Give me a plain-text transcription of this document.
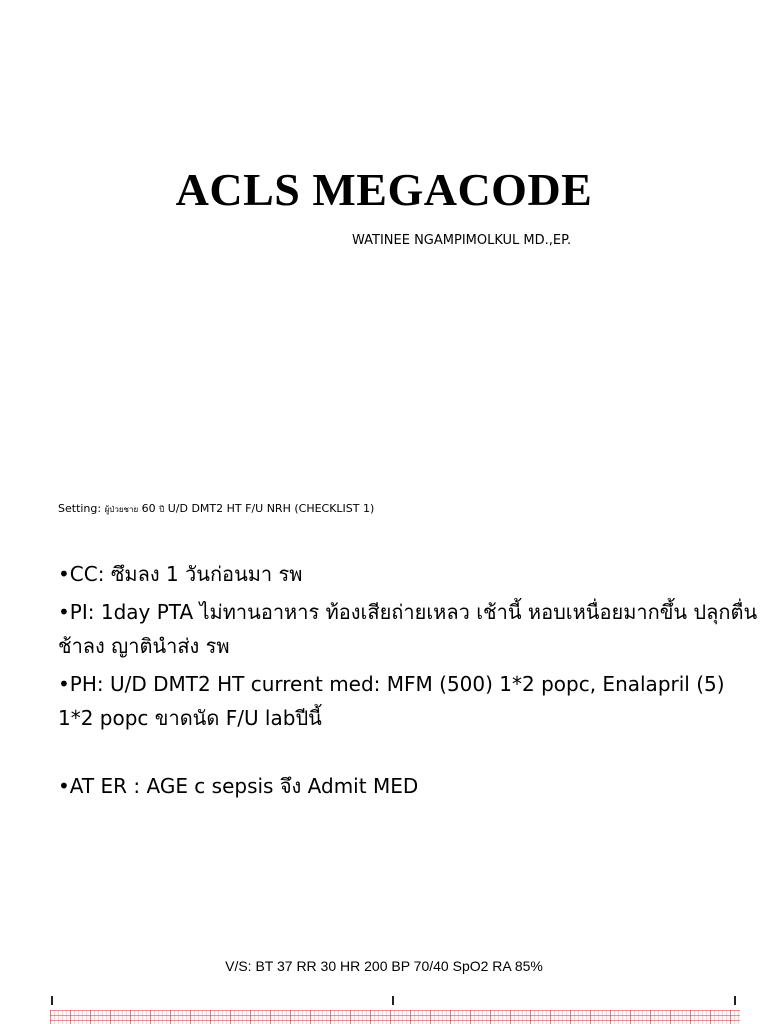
ACLS MEGACODE
WATINEE NGAMPIMOLKUL MD.,EP.
Setting: ผู้ป่วยชาย 60 ปี U/D DMT2 HT F/U NRH (CHECKLIST 1)
•CC: ซึมลง 1 วันก่อนมา รพ
•PI: 1day PTA ไม่ทานอาหาร ท้องเสียถ่ายเหลว เช้านี้ หอบเหนื่อยมากขึ้น ปลุกตื่นช้าลง ญาตินำส่ง รพ
•PH: U/D DMT2 HT current med: MFM (500) 1*2 popc, Enalapril (5) 1*2 popc ขาดนัด F/U labปีนี้
•AT ER : AGE c sepsis จึง Admit MED
V/S: BT 37 RR 30 HR 200 BP 70/40 SpO2 RA 85%
